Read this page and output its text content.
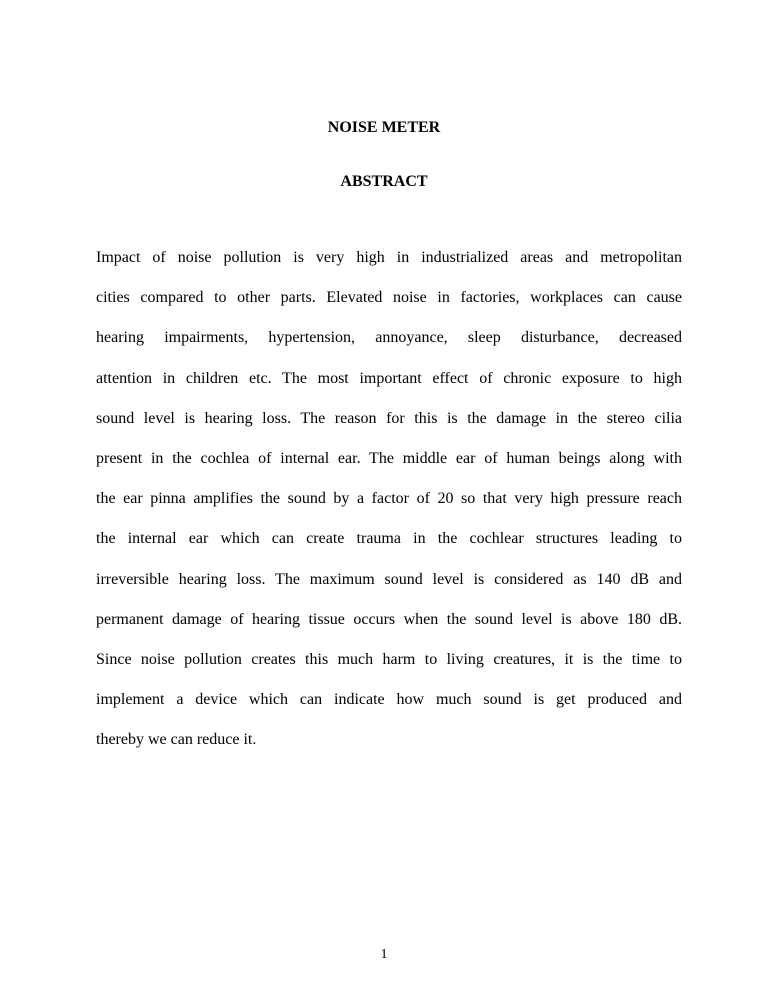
NOISE METER
ABSTRACT
Impact of noise pollution is very high in industrialized areas and metropolitan
cities compared to other parts. Elevated noise in factories, workplaces can cause
hearing impairments, hypertension, annoyance, sleep disturbance, decreased
attention in children etc. The most important effect of chronic exposure to high
sound level is hearing loss. The reason for this is the damage in the stereo cilia
present in the cochlea of internal ear. The middle ear of human beings along with
the ear pinna amplifies the sound by a factor of 20 so that very high pressure reach
the internal ear which can create trauma in the cochlear structures leading to
irreversible hearing loss. The maximum sound level is considered as 140 dB and
permanent damage of hearing tissue occurs when the sound level is above 180 dB.
Since noise pollution creates this much harm to living creatures, it is the time to
implement a device which can indicate how much sound is get produced and
thereby we can reduce it.
1
